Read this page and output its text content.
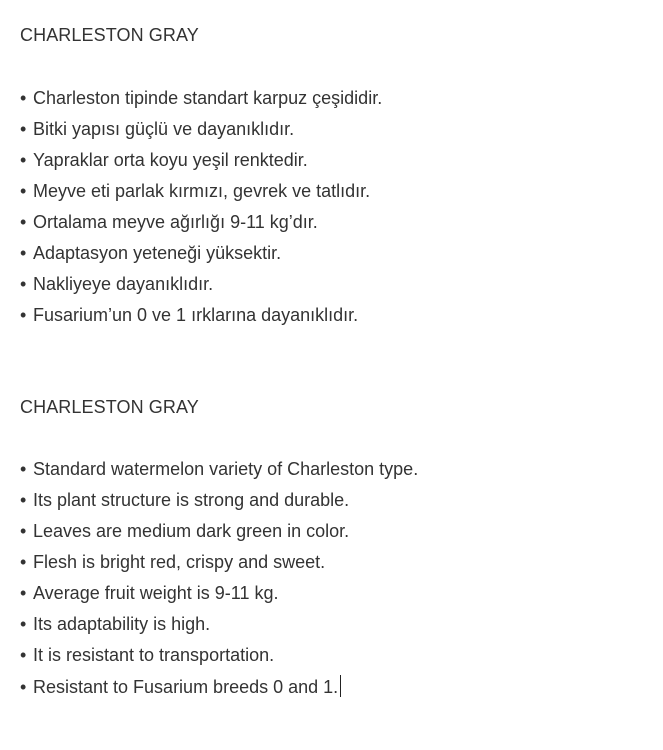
CHARLESTON GRAY
• Charleston tipinde standart karpuz çeşididir.
• Bitki yapısı güçlü ve dayanıklıdır.
• Yapraklar orta koyu yeşil renktedir.
• Meyve eti parlak kırmızı, gevrek ve tatlıdır.
• Ortalama meyve ağırlığı 9-11 kg’dır.
• Adaptasyon yeteneği yüksektir.
• Nakliyeye dayanıklıdır.
• Fusarium’un 0 ve 1 ırklarına dayanıklıdır.
CHARLESTON GRAY
• Standard watermelon variety of Charleston type.
• Its plant structure is strong and durable.
• Leaves are medium dark green in color.
• Flesh is bright red, crispy and sweet.
• Average fruit weight is 9-11 kg.
• Its adaptability is high.
• It is resistant to transportation.
• Resistant to Fusarium breeds 0 and 1.
